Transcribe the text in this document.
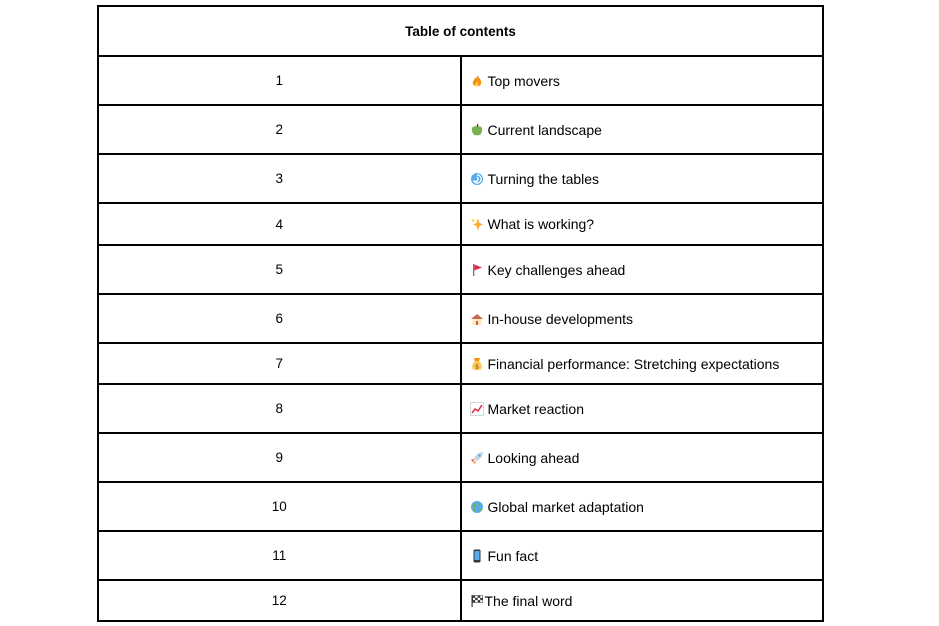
Table of contents	
1	Top movers
2	Current landscape
3	Turning the tables
4	What is working?
5	Key challenges ahead
6	In-house developments
7	$ Financial performance: Stretching expectations
8	Market reaction
9	Looking ahead
10	Global market adaptation
11	Fun fact
12	The final word
